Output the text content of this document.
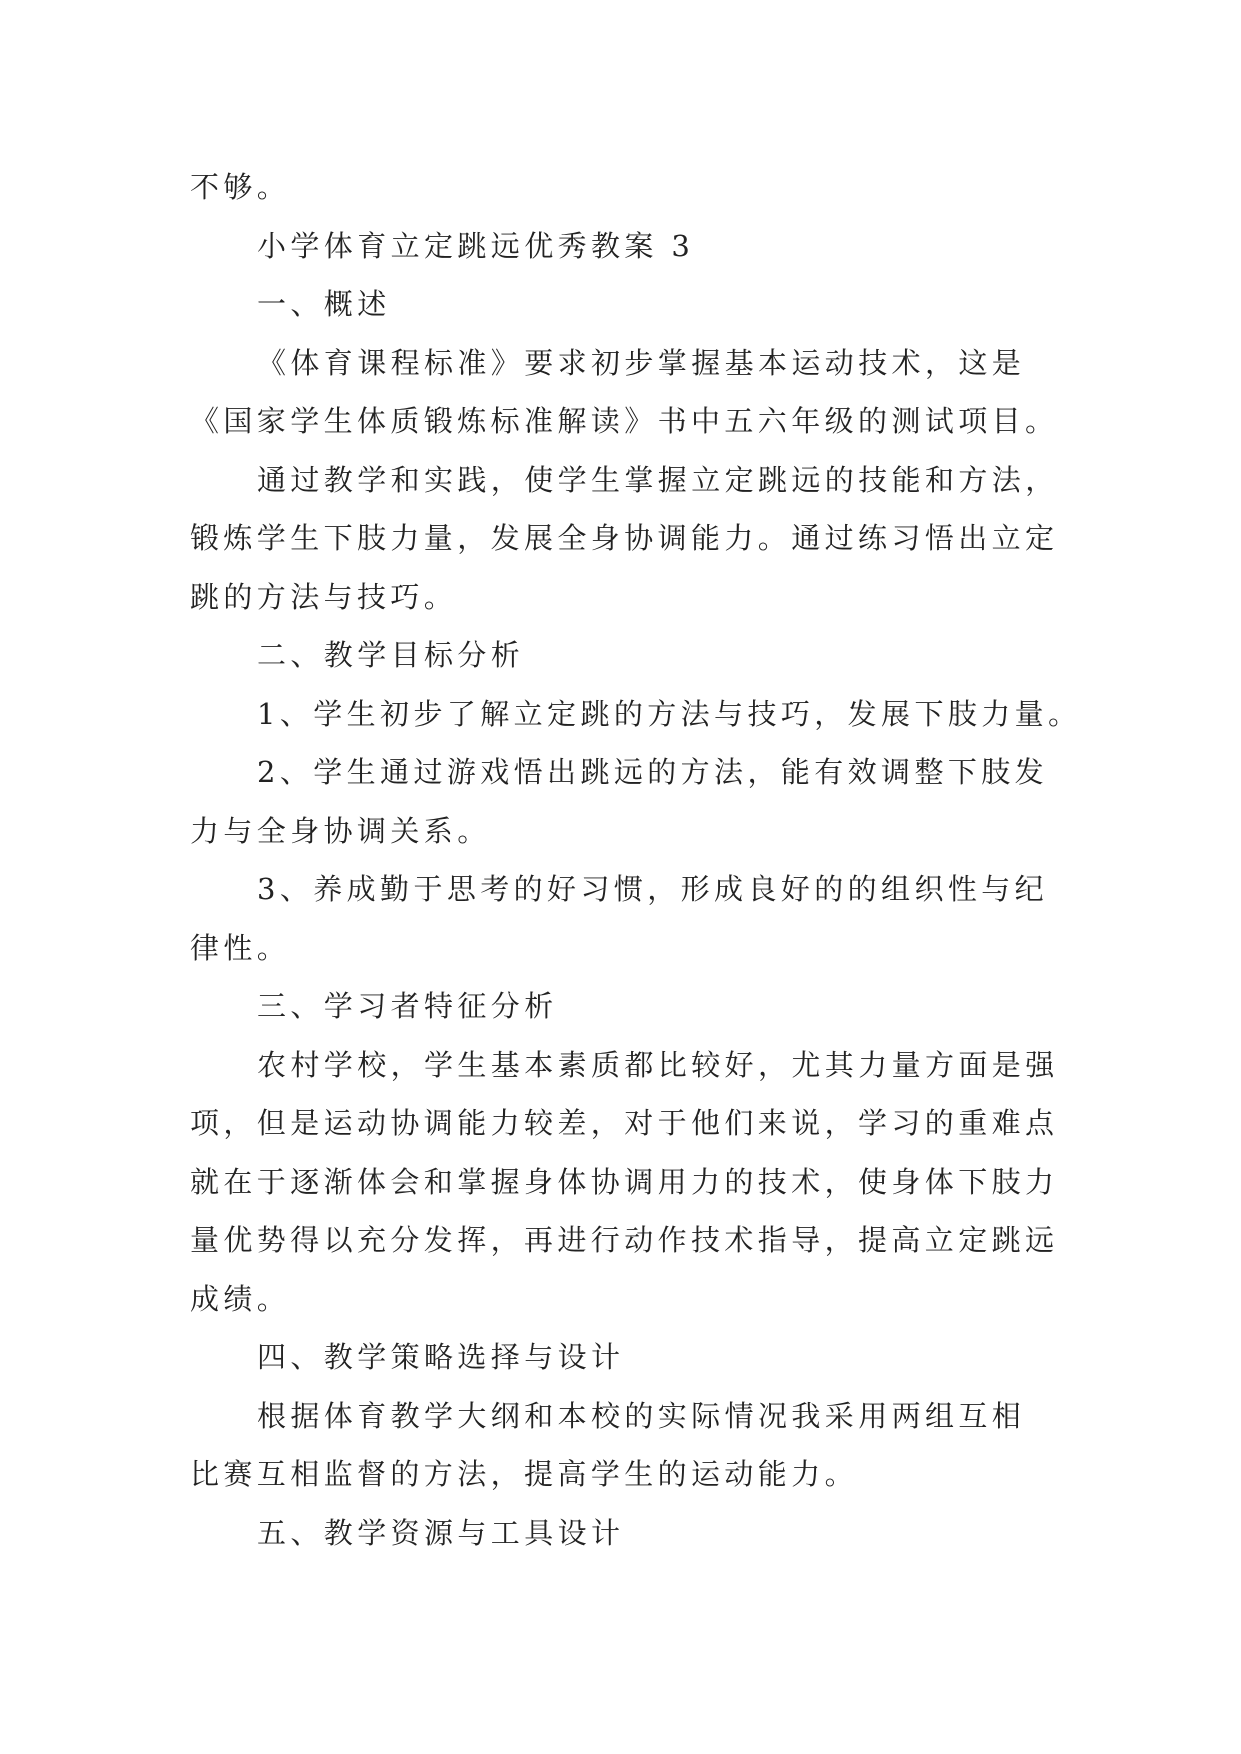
不够。
小学体育立定跳远优秀教案 3
一、概述
《体育课程标准》要求初步掌握基本运动技术，这是
《国家学生体质锻炼标准解读》书中五六年级的测试项目。
通过教学和实践，使学生掌握立定跳远的技能和方法，
锻炼学生下肢力量，发展全身协调能力。通过练习悟出立定
跳的方法与技巧。
二、教学目标分析
1、学生初步了解立定跳的方法与技巧，发展下肢力量。
2、学生通过游戏悟出跳远的方法，能有效调整下肢发
力与全身协调关系。
3、养成勤于思考的好习惯，形成良好的的组织性与纪
律性。
三、学习者特征分析
农村学校，学生基本素质都比较好，尤其力量方面是强
项，但是运动协调能力较差，对于他们来说，学习的重难点
就在于逐渐体会和掌握身体协调用力的技术，使身体下肢力
量优势得以充分发挥，再进行动作技术指导，提高立定跳远
成绩。
四、教学策略选择与设计
根据体育教学大纲和本校的实际情况我采用两组互相
比赛互相监督的方法，提高学生的运动能力。
五、教学资源与工具设计
